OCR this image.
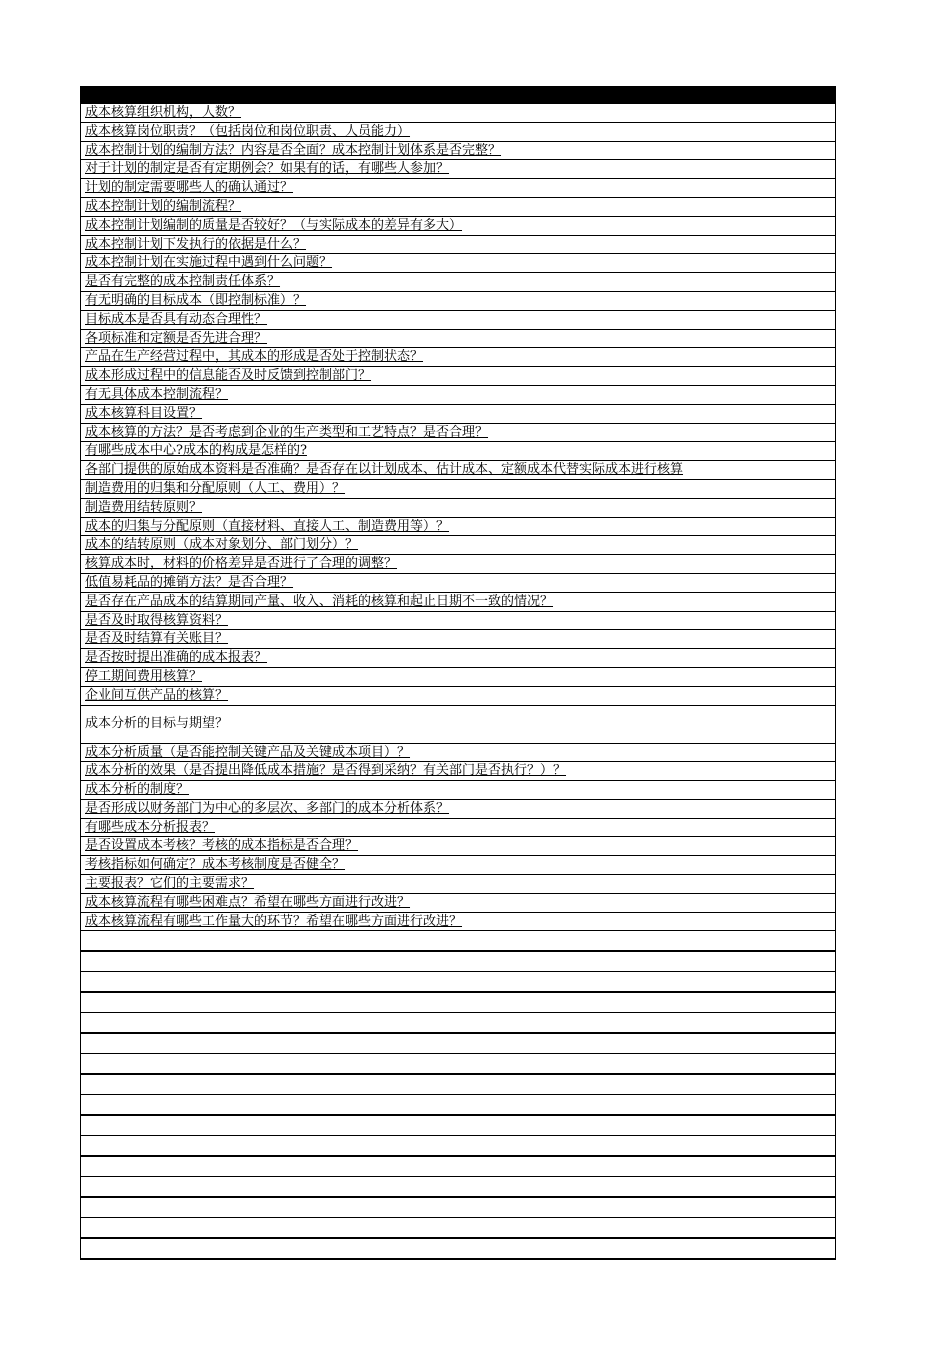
成本核算组织机构，人数？
成本核算岗位职责？（包括岗位和岗位职责、人员能力）
成本控制计划的编制方法？内容是否全面？成本控制计划体系是否完整？
对于计划的制定是否有定期例会？如果有的话，有哪些人参加？
计划的制定需要哪些人的确认通过？
成本控制计划的编制流程？
成本控制计划编制的质量是否较好？（与实际成本的差异有多大）
成本控制计划下发执行的依据是什么？
成本控制计划在实施过程中遇到什么问题？
是否有完整的成本控制责任体系？
有无明确的目标成本（即控制标准）？
目标成本是否具有动态合理性？
各项标准和定额是否先进合理？
产品在生产经营过程中，其成本的形成是否处于控制状态？
成本形成过程中的信息能否及时反馈到控制部门？
有无具体成本控制流程？
成本核算科目设置？
成本核算的方法？是否考虑到企业的生产类型和工艺特点？是否合理？
有哪些成本中心?成本的构成是怎样的?
各部门提供的原始成本资料是否准确？是否存在以计划成本、估计成本、定额成本代替实际成本进行核算
制造费用的归集和分配原则（人工、费用）？
制造费用结转原则？
成本的归集与分配原则（直接材料、直接人工、制造费用等）？
成本的结转原则（成本对象划分、部门划分）？
核算成本时，材料的价格差异是否进行了合理的调整？
低值易耗品的摊销方法？是否合理？
是否存在产品成本的结算期同产量、收入、消耗的核算和起止日期不一致的情况？
是否及时取得核算资料？
是否及时结算有关账目？
是否按时提出准确的成本报表？
停工期间费用核算？
企业间互供产品的核算？
成本分析的目标与期望？
成本分析质量（是否能控制关键产品及关键成本项目）？
成本分析的效果（是否提出降低成本措施？是否得到采纳？有关部门是否执行？）？
成本分析的制度？
是否形成以财务部门为中心的多层次、多部门的成本分析体系？
有哪些成本分析报表？
是否设置成本考核？考核的成本指标是否合理？
考核指标如何确定？成本考核制度是否健全？
主要报表？它们的主要需求？
成本核算流程有哪些困难点？希望在哪些方面进行改进？
成本核算流程有哪些工作量大的环节？希望在哪些方面进行改进？
